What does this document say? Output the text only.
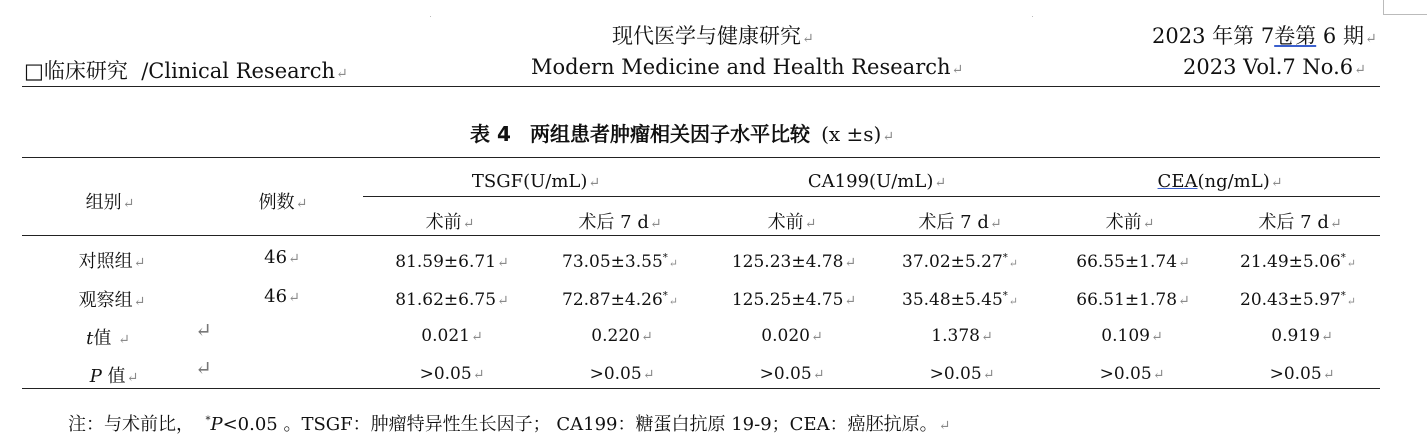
现代医学与健康研究↵	2023 年第 7卷第 6 期↵
□临床研究 /Clinical Research↵	Modern Medicine and Health Research↵	2023 Vol.7 No.6↵
表 4 两组患者肿瘤相关因子水平比较 (x ±s)↵
组别↵	例数↵
TSGF(U/mL)↵	CA199(U/mL)↵	CEA(ng/mL)↵
术前↵	术后 7 d↵	术前↵	术后 7 d↵	术前↵	术后 7 d↵
对照组↵	46↵	81.59±6.71↵	73.05±3.55*↵	125.23±4.78↵	37.02±5.27*↵	66.55±1.74↵	21.49±5.06*↵
观察组↵	46↵	81.62±6.75↵	72.87±4.26*↵	125.25±4.75↵	35.48±5.45*↵	66.51±1.78↵	20.43±5.97*↵
t值 ↵	↵	0.021↵	0.220↵	0.020↵	1.378↵	0.109↵	0.919↵
P 值↵	↵	>0.05↵	>0.05↵	>0.05↵	>0.05↵	>0.05↵	>0.05↵
注：与术前比， *P<0.05 。TSGF：肿瘤特异性生长因子； CA199：糖蛋白抗原 19-9；CEA：癌胚抗原。↵
